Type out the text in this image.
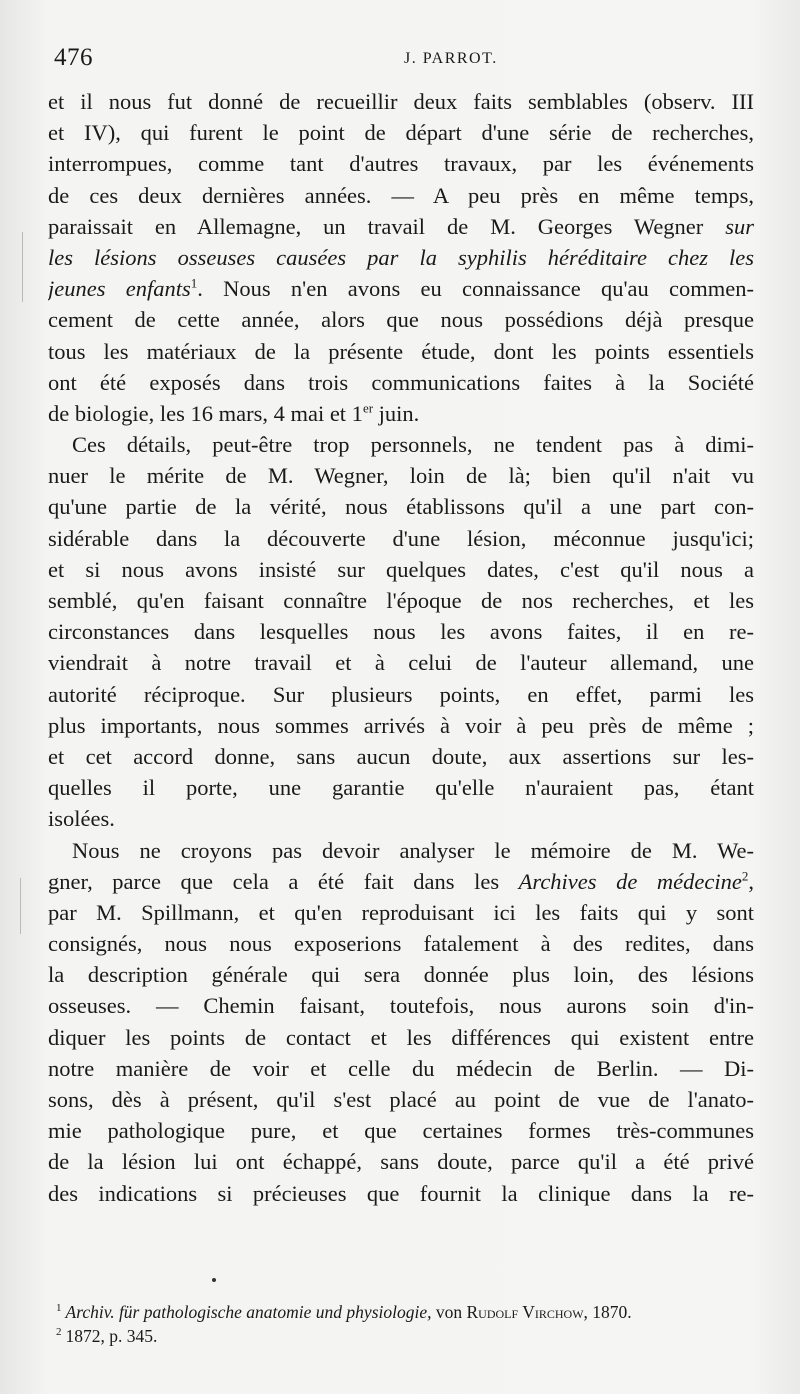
476	J. PARROT.
et il nous fut donné de recueillir deux faits semblables (observ. III
et IV), qui furent le point de départ d'une série de recherches,
interrompues, comme tant d'autres travaux, par les événements
de ces deux dernières années. — A peu près en même temps,
paraissait en Allemagne, un travail de M. Georges Wegner sur
les lésions osseuses causées par la syphilis héréditaire chez les
jeunes enfants$^1$. Nous n'en avons eu connaissance qu'au commen-
cement de cette année, alors que nous possédions déjà presque
tous les matériaux de la présente étude, dont les points essentiels
ont été exposés dans trois communications faites à la Société
de biologie, les 16 mars, 4 mai et 1er juin.
Ces détails, peut-être trop personnels, ne tendent pas à dimi-
nuer le mérite de M. Wegner, loin de là; bien qu'il n'ait vu
qu'une partie de la vérité, nous établissons qu'il a une part con-
sidérable dans la découverte d'une lésion, méconnue jusqu'ici;
et si nous avons insisté sur quelques dates, c'est qu'il nous a
semblé, qu'en faisant connaître l'époque de nos recherches, et les
circonstances dans lesquelles nous les avons faites, il en re-
viendrait à notre travail et à celui de l'auteur allemand, une
autorité réciproque. Sur plusieurs points, en effet, parmi les
plus importants, nous sommes arrivés à voir à peu près de même ;
et cet accord donne, sans aucun doute, aux assertions sur les-
quelles il porte, une garantie qu'elle n'auraient pas, étant
isolées.
Nous ne croyons pas devoir analyser le mémoire de M. We-
gner, parce que cela a été fait dans les Archives de médecine$^2$,
par M. Spillmann, et qu'en reproduisant ici les faits qui y sont
consignés, nous nous exposerions fatalement à des redites, dans
la description générale qui sera donnée plus loin, des lésions
osseuses. — Chemin faisant, toutefois, nous aurons soin d'in-
diquer les points de contact et les différences qui existent entre
notre manière de voir et celle du médecin de Berlin. — Di-
sons, dès à présent, qu'il s'est placé au point de vue de l'anato-
mie pathologique pure, et que certaines formes très-communes
de la lésion lui ont échappé, sans doute, parce qu'il a été privé
des indications si précieuses que fournit la clinique dans la re-
$^1$ Archiv. für pathologische anatomie und physiologie, von Rudolf Virchow, 1870.
$^2$ 1872, p. 345.
